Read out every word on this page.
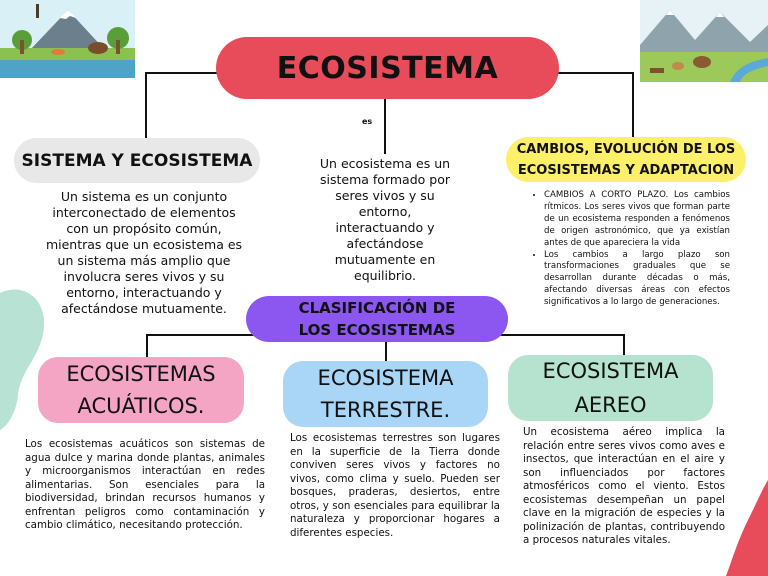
ECOSISTEMA
es
Un ecosistema es un sistema formado por seres vivos y su entorno, interactuando y afectándose mutuamente en equilibrio.
SISTEMA Y ECOSISTEMA
Un sistema es un conjunto interconectado de elementos con un propósito común, mientras que un ecosistema es un sistema más amplio que involucra seres vivos y su entorno, interactuando y afectándose mutuamente.
CAMBIOS, EVOLUCIÓN DE LOS
ECOSISTEMAS Y ADAPTACION
• CAMBIOS A CORTO PLAZO. Los cambios rítmicos. Los seres vivos que forman parte de un ecosistema responden a fenómenos de origen astronómico, que ya existían antes de que apareciera la vida
• Los cambios a largo plazo son transformaciones graduales que se desarrollan durante décadas o más, afectando diversas áreas con efectos significativos a lo largo de generaciones.
CLASIFICACIÓN DE
LOS ECOSISTEMAS
ECOSISTEMAS
ACUÁTICOS.
Los ecosistemas acuáticos son sistemas de agua dulce y marina donde plantas, animales y microorganismos interactúan en redes alimentarias. Son esenciales para la biodiversidad, brindan recursos humanos y enfrentan peligros como contaminación y cambio climático, necesitando protección.
ECOSISTEMA
TERRESTRE.
Los ecosistemas terrestres son lugares en la superficie de la Tierra donde conviven seres vivos y factores no vivos, como clima y suelo. Pueden ser bosques, praderas, desiertos, entre otros, y son esenciales para equilibrar la naturaleza y proporcionar hogares a diferentes especies.
ECOSISTEMA
AEREO
Un ecosistema aéreo implica la relación entre seres vivos como aves e insectos, que interactúan en el aire y son influenciados por factores atmosféricos como el viento. Estos ecosistemas desempeñan un papel clave en la migración de especies y la polinización de plantas, contribuyendo a procesos naturales vitales.
